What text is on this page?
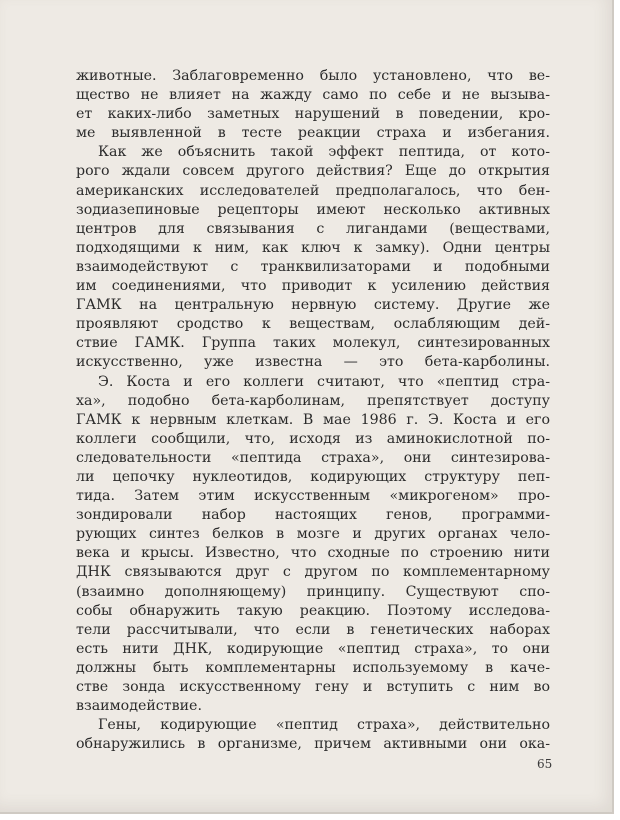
животные. Заблаговременно было установлено, что ве-
щество не влияет на жажду само по себе и не вызыва-
ет каких-либо заметных нарушений в поведении, кро-
ме выявленной в тесте реакции страха и избегания.
Как же объяснить такой эффект пептида, от кото-
рого ждали совсем другого действия? Еще до открытия
американских исследователей предполагалось, что бен-
зодиазепиновые рецепторы имеют несколько активных
центров для связывания с лигандами (веществами,
подходящими к ним, как ключ к замку). Одни центры
взаимодействуют с транквилизаторами и подобными
им соединениями, что приводит к усилению действия
ГАМК на центральную нервную систему. Другие же
проявляют сродство к веществам, ослабляющим дей-
ствие ГАМК. Группа таких молекул, синтезированных
искусственно, уже известна — это бета-карболины.
Э. Коста и его коллеги считают, что «пептид стра-
ха», подобно бета-карболинам, препятствует доступу
ГАМК к нервным клеткам. В мае 1986 г. Э. Коста и его
коллеги сообщили, что, исходя из аминокислотной по-
следовательности «пептида страха», они синтезирова-
ли цепочку нуклеотидов, кодирующих структуру пеп-
тида. Затем этим искусственным «микрогеном» про-
зондировали набор настоящих генов, программи-
рующих синтез белков в мозге и других органах чело-
века и крысы. Известно, что сходные по строению нити
ДНК связываются друг с другом по комплементарному
(взаимно дополняющему) принципу. Существуют спо-
собы обнаружить такую реакцию. Поэтому исследова-
тели рассчитывали, что если в генетических наборах
есть нити ДНК, кодирующие «пептид страха», то они
должны быть комплементарны используемому в каче-
стве зонда искусственному гену и вступить с ним во
взаимодействие.
Гены, кодирующие «пептид страха», действительно
обнаружились в организме, причем активными они ока-
65
